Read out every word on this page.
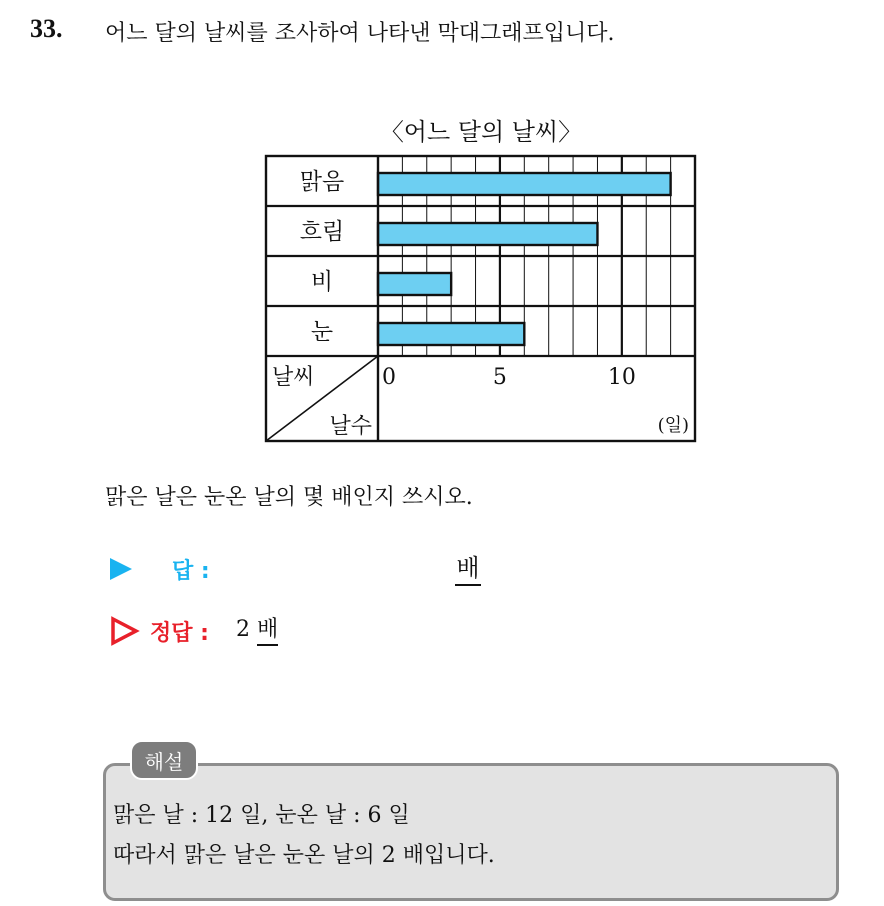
33. 어느 달의 날씨를 조사하여 나타낸 막대그래프입니다.
〈어느 달의 날씨〉
맑음
흐림
비
눈
날씨
날수
0	5	10
(일)
맑은 날은 눈온 날의 몇 배인지 쓰시오.
답 :	배
정답 : 2 배
해설
맑은 날 : 12 일, 눈온 날 : 6 일
따라서 맑은 날은 눈온 날의 2 배입니다.
